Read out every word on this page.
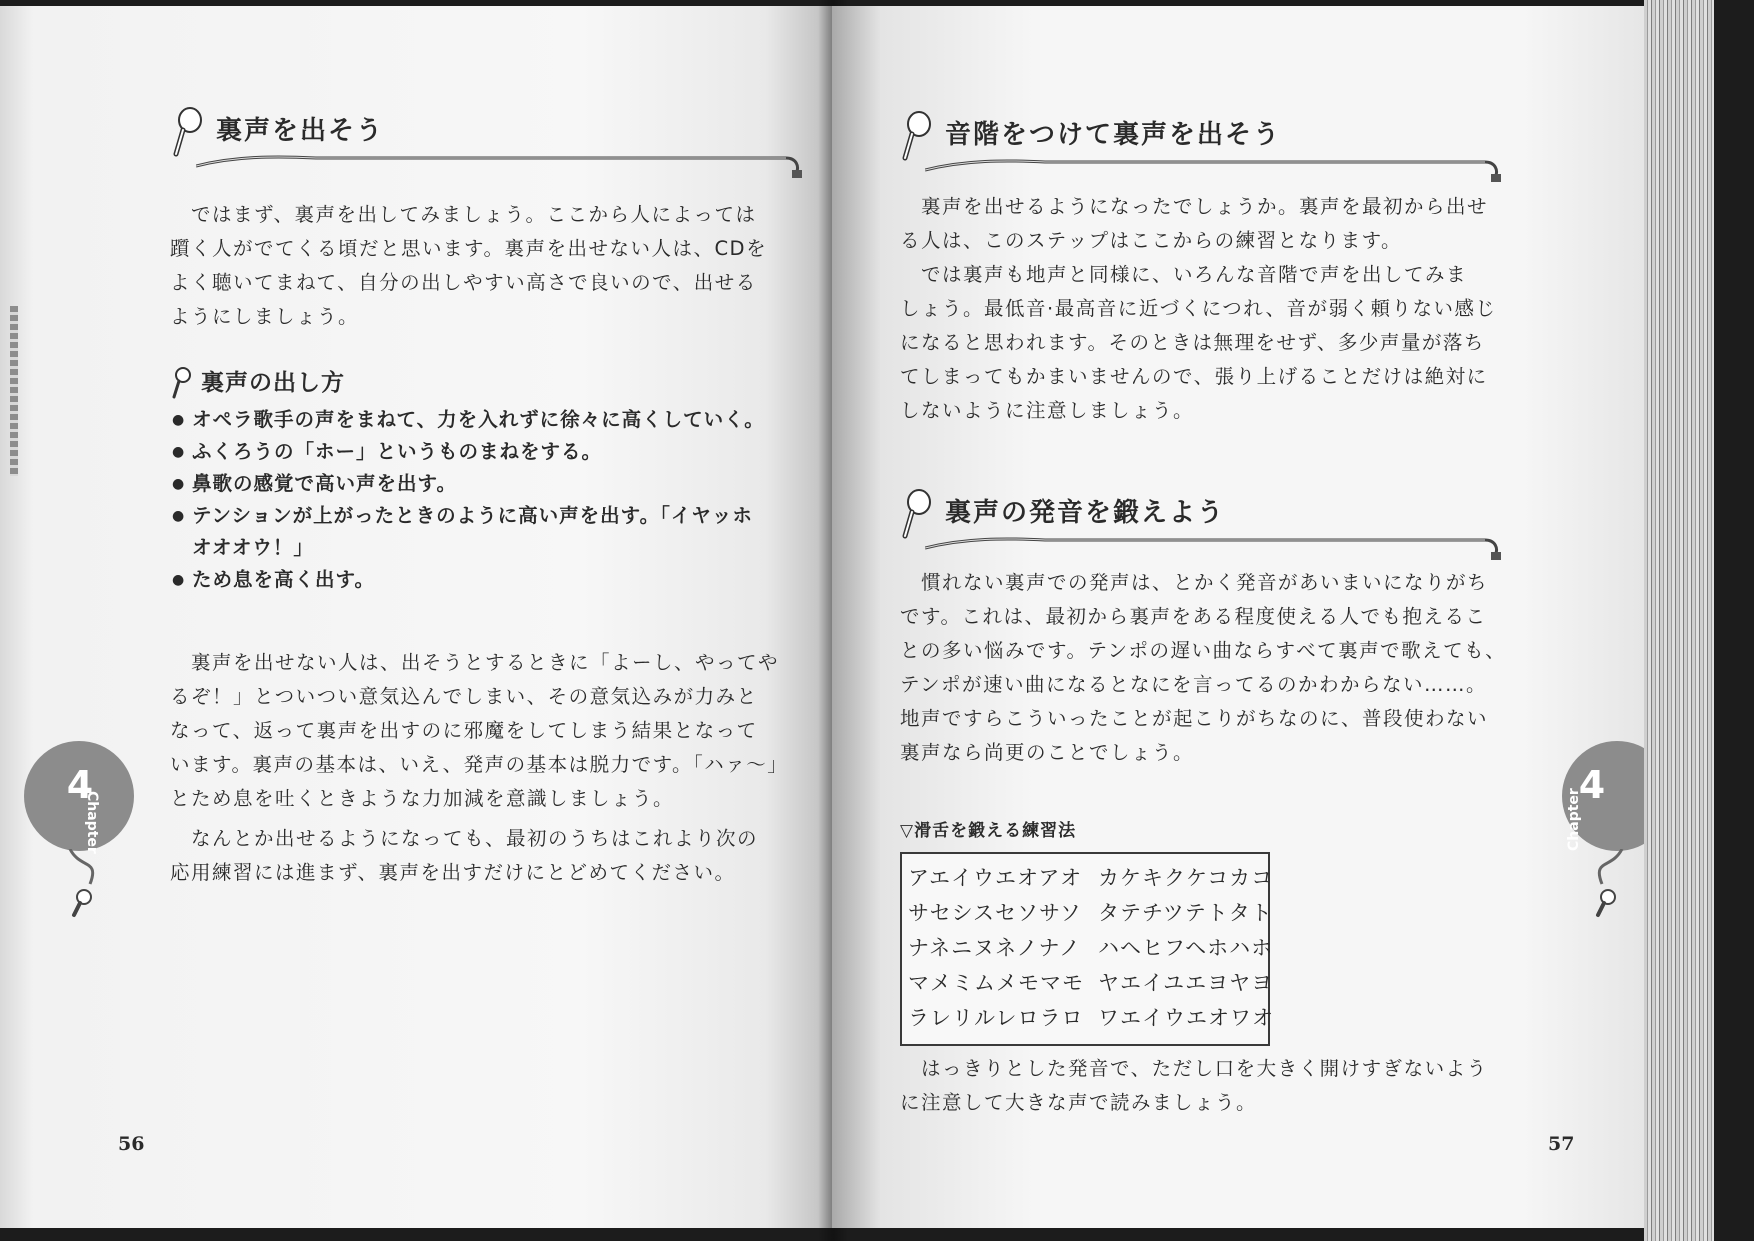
裏声を出そう

　ではまず、裏声を出してみましょう。ここから人によっては
躓く人がでてくる頃だと思います。裏声を出せない人は、CDを
よく聴いてまねて、自分の出しやすい高さで良いので、出せる
ようにしましょう。

裏声の出し方
● オペラ歌手の声をまねて、力を入れずに徐々に高くしていく。
● ふくろうの「ホー」というものまねをする。
● 鼻歌の感覚で高い声を出す。
● テンションが上がったときのように高い声を出す。「イヤッホ
オオオウ！」
● ため息を高く出す。

　裏声を出せない人は、出そうとするときに「よーし、やってや
るぞ！」とついつい意気込んでしまい、その意気込みが力みと
なって、返って裏声を出すのに邪魔をしてしまう結果となって
います。裏声の基本は、いえ、発声の基本は脱力です。「ハァ〜」
とため息を吐くときような力加減を意識しましょう。

　なんとか出せるようになっても、最初のうちはこれより次の
応用練習には進まず、裏声を出すだけにとどめてください。

4
Chapter
56
音階をつけて裏声を出そう

　裏声を出せるようになったでしょうか。裏声を最初から出せ
る人は、このステップはここからの練習となります。

　では裏声も地声と同様に、いろんな音階で声を出してみま
しょう。最低音·最高音に近づくにつれ、音が弱く頼りない感じ
になると思われます。そのときは無理をせず、多少声量が落ち
てしまってもかまいませんので、張り上げることだけは絶対に
しないように注意しましょう。

裏声の発音を鍛えよう

　慣れない裏声での発声は、とかく発音があいまいになりがち
です。これは、最初から裏声をある程度使える人でも抱えるこ
との多い悩みです。テンポの遅い曲ならすべて裏声で歌えても、
テンポが速い曲になるとなにを言ってるのかわからない……。
地声ですらこういったことが起こりがちなのに、普段使わない
裏声なら尚更のことでしょう。

▽滑舌を鍛える練習法
アエイウエオアオ カケキクケコカコ
サセシスセソサソ タテチツテトタト
ナネニヌネノナノ ハヘヒフヘホハホ
マメミムメモマモ ヤエイユエヨヤヨ
ラレリルレロラロ ワエイウエオワオ

　はっきりとした発音で、ただし口を大きく開けすぎないよう
に注意して大きな声で読みましょう。

4
Chapter
57
